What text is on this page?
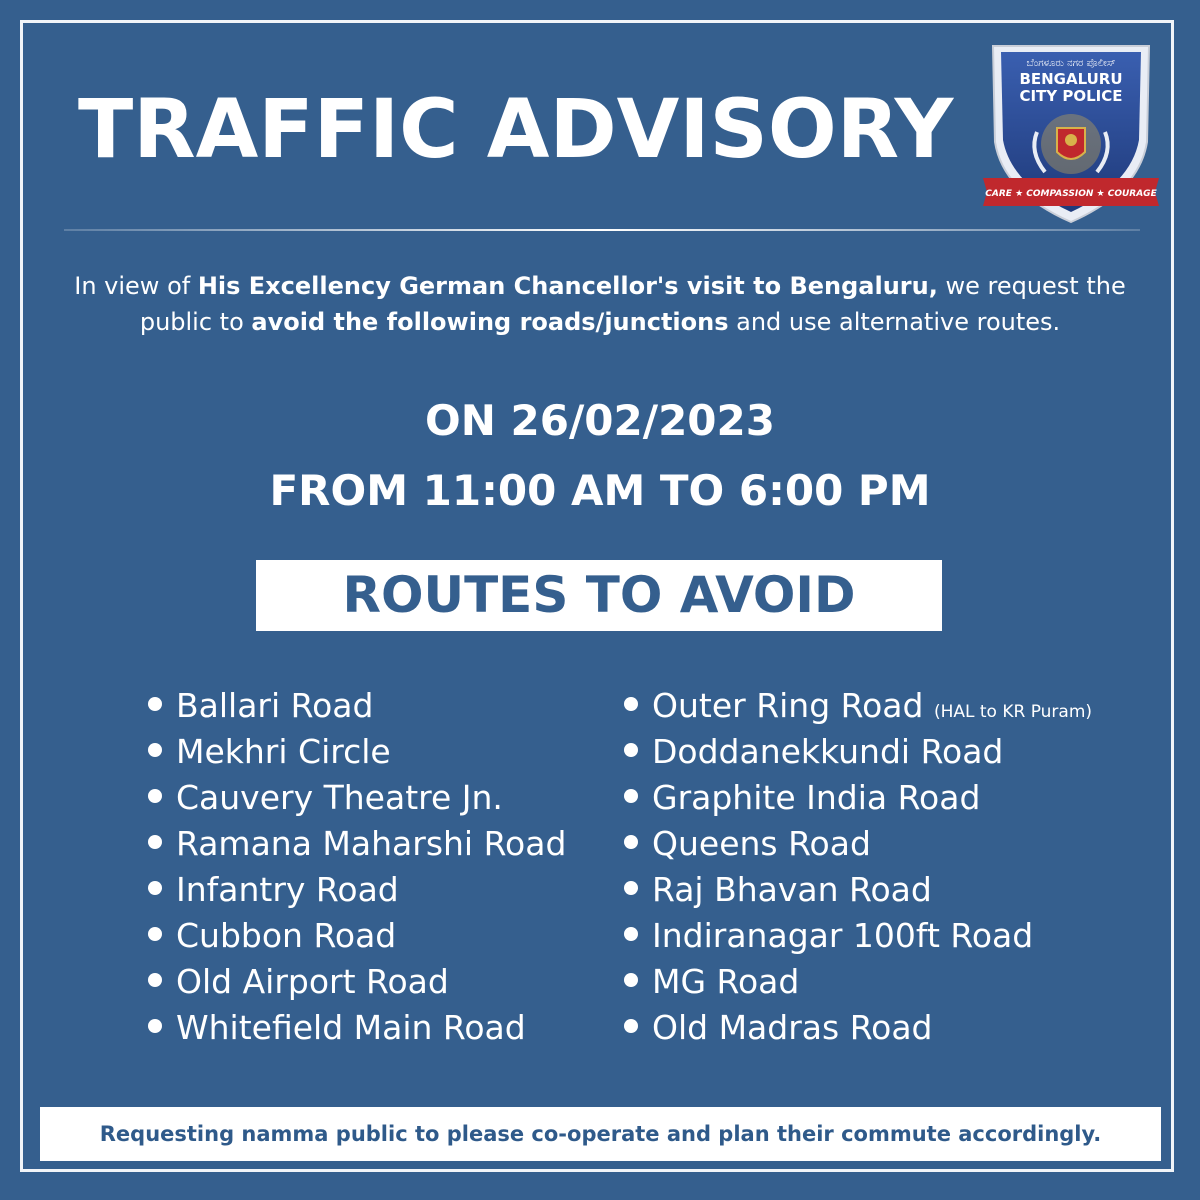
TRAFFIC ADVISORY
ಬೆಂಗಳೂರು ನಗರ ಪೊಲೀಸ್
BENGALURU
CITY POLICE
CARE ★ COMPASSION ★ COURAGE
In view of His Excellency German Chancellor's visit to Bengaluru, we request the public to avoid the following roads/junctions and use alternative routes.
ON 26/02/2023
FROM 11:00 AM TO 6:00 PM
ROUTES TO AVOID
Ballari Road
Mekhri Circle
Cauvery Theatre Jn.
Ramana Maharshi Road
Infantry Road
Cubbon Road
Old Airport Road
Whitefield Main Road
Outer Ring Road (HAL to KR Puram)
Doddanekkundi Road
Graphite India Road
Queens Road
Raj Bhavan Road
Indiranagar 100ft Road
MG Road
Old Madras Road
Requesting namma public to please co-operate and plan their commute accordingly.
